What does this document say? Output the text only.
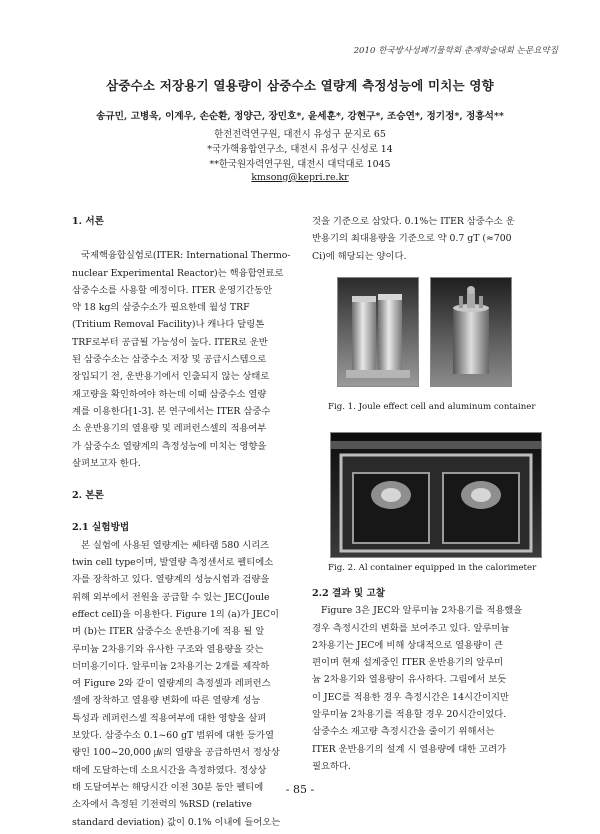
2010 한국방사성폐기물학회 춘계학술대회 논문요약집
삼중수소 저장용기 열용량이 삼중수소 열량계 측정성능에 미치는 영향
송규민, 고병욱, 이계우, 손순환, 정양근, 장민호*, 윤세훈*, 강현구*, 조승연*, 정기정*, 정흥석**
한전전력연구원, 대전시 유성구 문지로 65
*국가핵융합연구소, 대전시 유성구 신성로 14
**한국원자력연구원, 대전시 대덕대로 1045
kmsong@kepri.re.kr

1. 서론

국제핵융합실험로(ITER: International Thermo-

nuclear Experimental Reactor)는 핵융합연료로

삼중수소를 사용할 예정이다. ITER 운영기간동안

약 18 kg의 삼중수소가 필요한데 월성 TRF

(Tritium Removal Facility)나 캐나다 달링톤

TRF로부터 공급될 가능성이 높다. ITER로 운반

된 삼중수소는 삼중수소 저장 및 공급시스템으로

장입되기 전, 운반용기에서 인출되지 않는 상태로

재고량을 확인하여야 하는데 이때 삼중수소 열량

계를 이용한다[1-3]. 본 연구에서는 ITER 삼중수

소 운반용기의 열용량 및 레퍼런스셀의 적용여부

가 삼중수소 열량계의 측정성능에 미치는 영향을

살펴보고자 한다.

2. 본론

2.1 실험방법

본 실험에 사용된 열량계는 쎄타램 580 시리즈

twin cell type이며, 발열량 측정센서로 펠티에소

자를 장착하고 있다. 열량계의 성능시험과 검량을

위해 외부에서 전원을 공급할 수 있는 JEC(Joule

effect cell)을 이용한다. Figure 1의 (a)가 JEC이

며 (b)는 ITER 삼중수소 운반용기에 적용 될 알

루미늄 2차용기와 유사한 구조와 열용량을 갖는

더미용기이다. 알루미늄 2차용기는 2개를 제작하

여 Figure 2와 같이 열량계의 측정셀과 레퍼런스

셀에 장착하고 열용량 변화에 따른 열량계 성능

특성과 레퍼런스셀 적용여부에 대한 영향을 살펴

보았다. 삼중수소 0.1~60 gT 범위에 대한 등가열

량인 100~20,000 ㎼의 열량을 공급하면서 정상상

태에 도달하는데 소요시간을 측정하였다. 정상상

태 도달여부는 해당시간 이전 30분 동안 펠티에

소자에서 측정된 기전력의 %RSD (relative

standard deviation) 값이 0.1% 이내에 들어오는

것을 기준으로 삼았다. 0.1%는 ITER 삼중수소 운

반용기의 최대용량을 기준으로 약 0.7 gT (≈700

Ci)에 해당되는 양이다.

Fig. 1. Joule effect cell and aluminum container
Fig. 2. Al container equipped in the calorimeter

2.2 결과 및 고찰

Figure 3은 JEC와 알루미늄 2차용기를 적용했을

경우 측정시간의 변화를 보여주고 있다. 알루미늄

2차용기는 JEC에 비해 상대적으로 열용량이 큰

편이며 현재 설계중인 ITER 운반용기의 알루미

늄 2차용기와 열용량이 유사하다. 그림에서 보듯

이 JEC를 적용한 경우 측정시간은 14시간이지만

알루미늄 2차용기를 적용할 경우 20시간이었다.

삼중수소 재고량 측정시간을 줄이기 위해서는

ITER 운반용기의 설계 시 열용량에 대한 고려가

필요하다.

- 85 -
